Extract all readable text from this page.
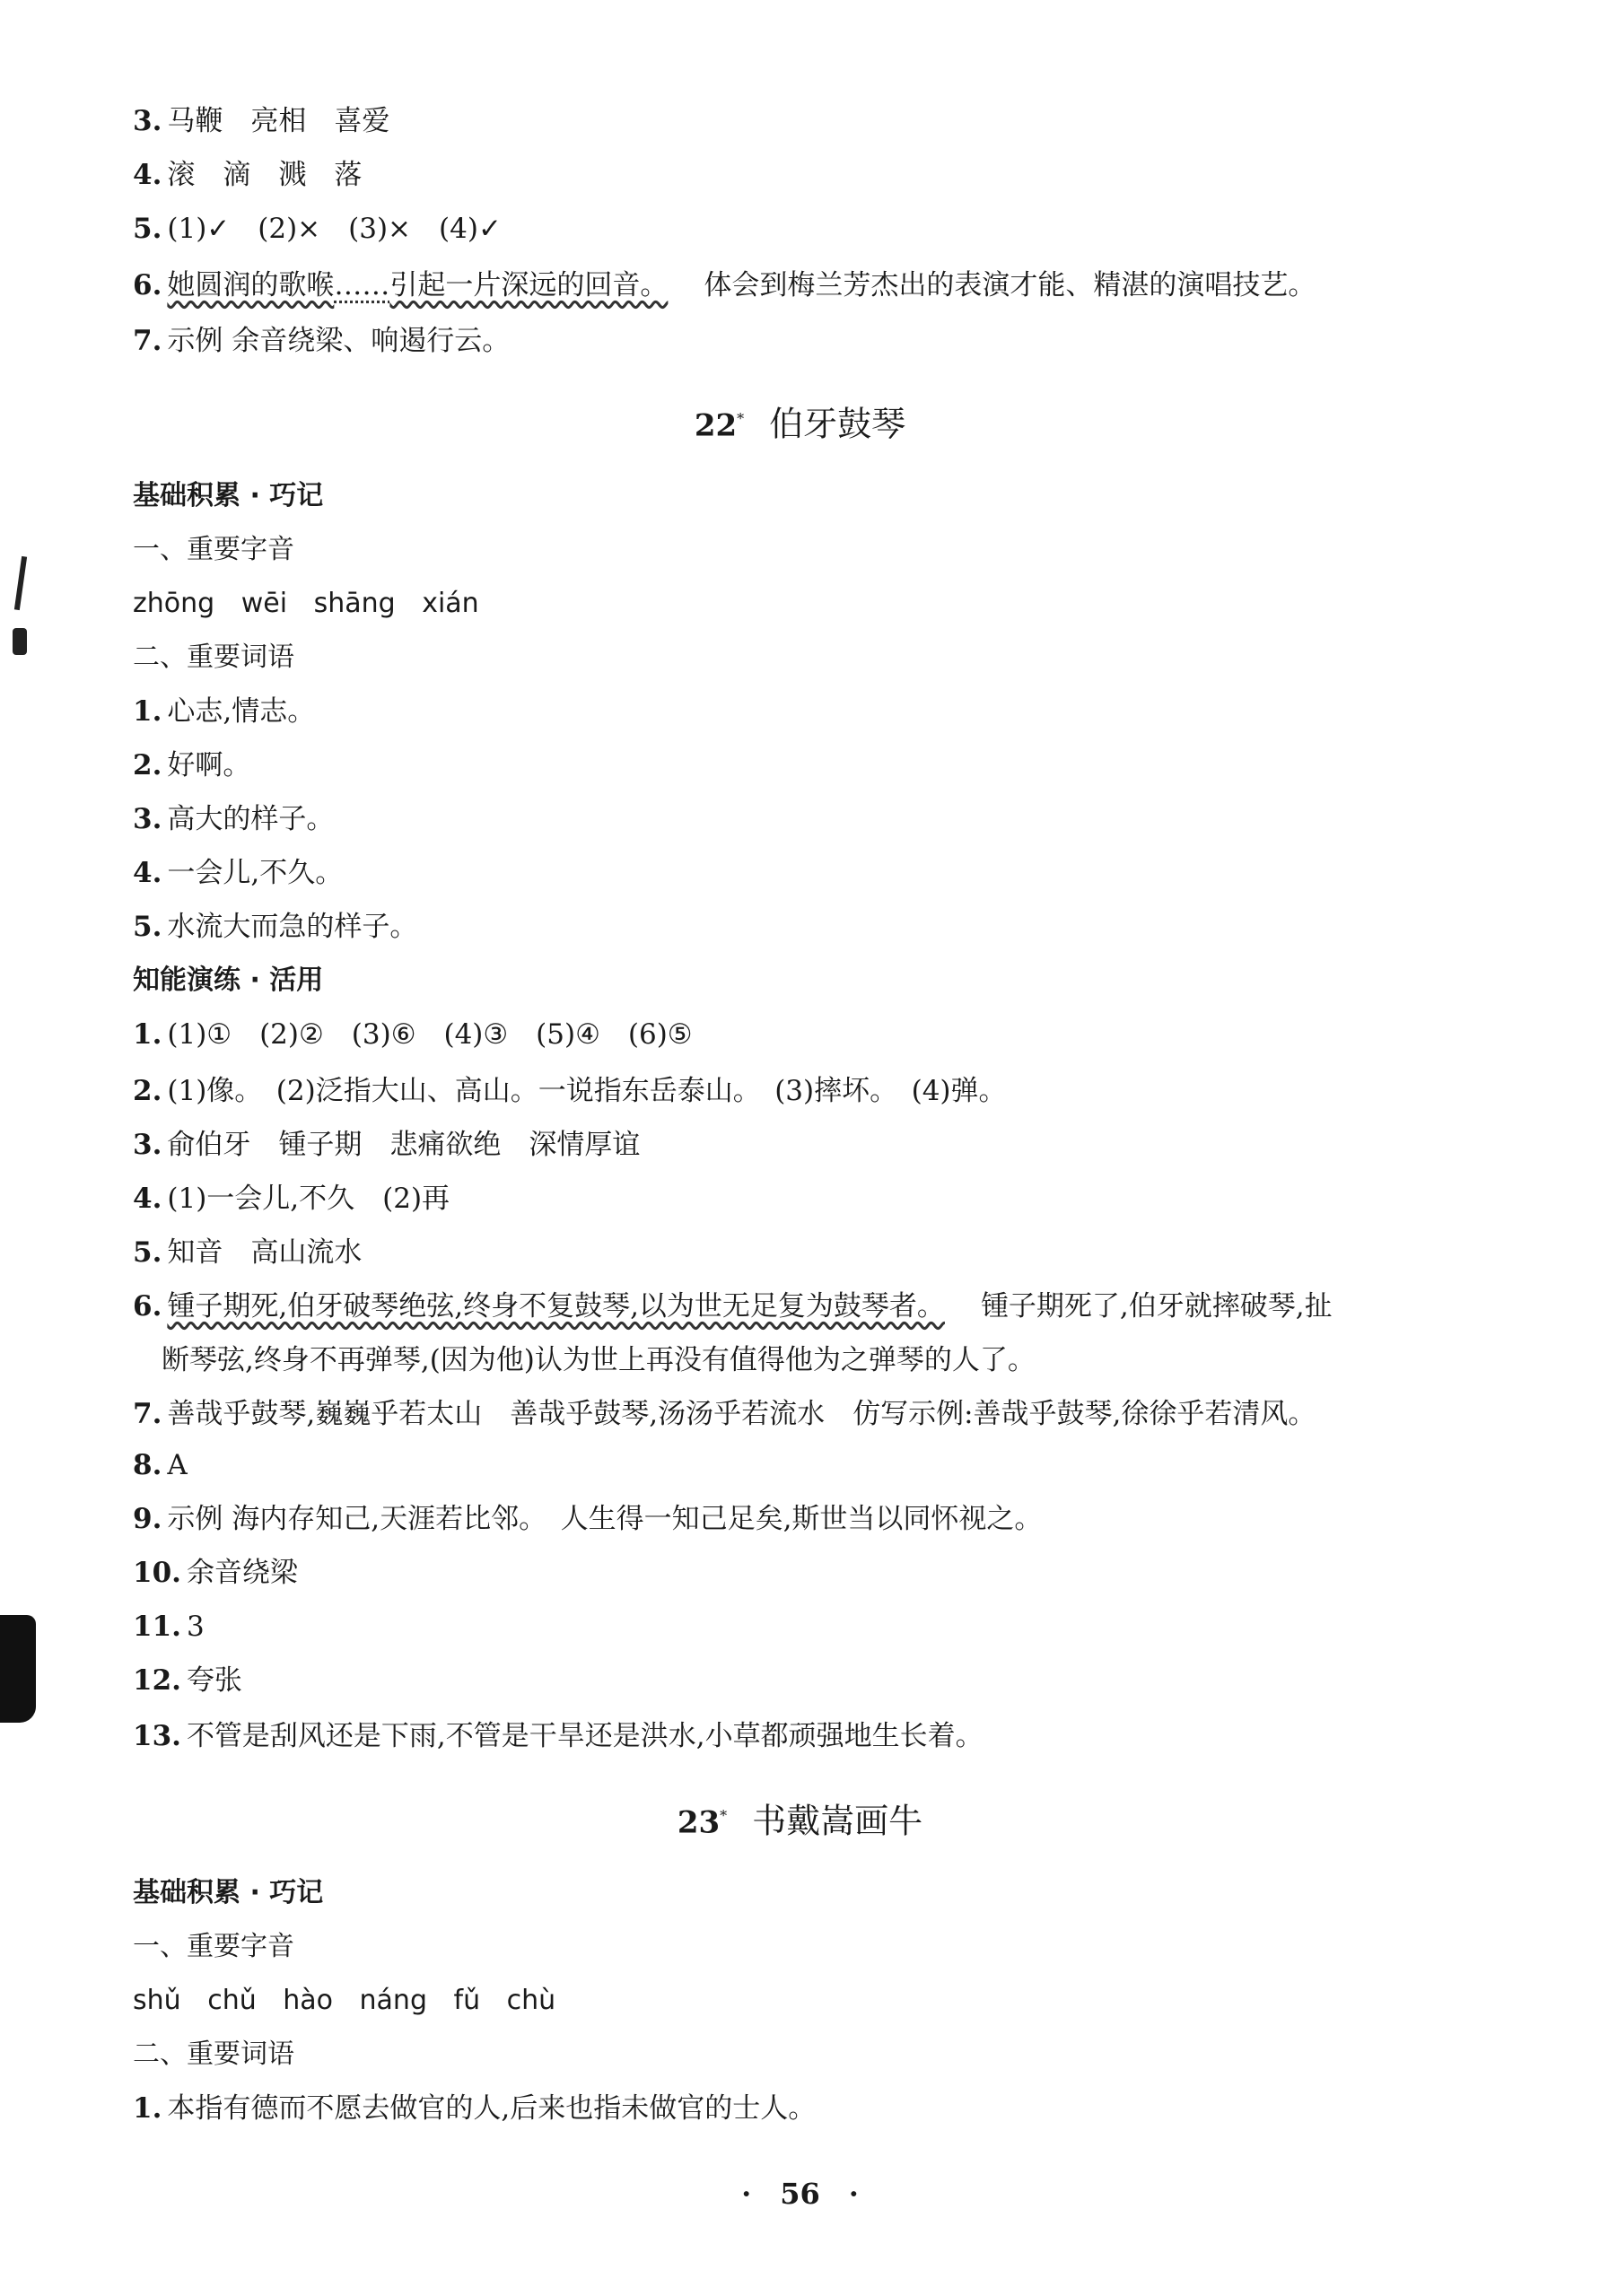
3. 马鞭　亮相　喜爱
4. 滚　滴　溅　落
5. (1)✓　(2)×　(3)×　(4)✓
6. 她圆润的歌喉……引起一片深远的回音。 体会到梅兰芳杰出的表演才能、精湛的演唱技艺。
7. 示例 余音绕梁、响遏行云。
22* 伯牙鼓琴
基础积累 · 巧记
一、重要字音
zhōng wēi shāng xián
二、重要词语
1. 心志,情志。
2. 好啊。
3. 高大的样子。
4. 一会儿,不久。
5. 水流大而急的样子。
知能演练 · 活用
1. (1)①　(2)②　(3)⑥　(4)③　(5)④　(6)⑤
2. (1)像。　(2)泛指大山、高山。一说指东岳泰山。　(3)摔坏。　(4)弹。
3. 俞伯牙　锺子期　悲痛欲绝　深情厚谊
4. (1)一会儿,不久　(2)再
5. 知音　高山流水
6. 锺子期死,伯牙破琴绝弦,终身不复鼓琴,以为世无足复为鼓琴者。 锺子期死了,伯牙就摔破琴,扯
断琴弦,终身不再弹琴,(因为他)认为世上再没有值得他为之弹琴的人了。
7. 善哉乎鼓琴,巍巍乎若太山　善哉乎鼓琴,汤汤乎若流水　仿写示例:善哉乎鼓琴,徐徐乎若清风。
8. A
9. 示例 海内存知己,天涯若比邻。　人生得一知己足矣,斯世当以同怀视之。
10. 余音绕梁
11. 3
12. 夸张
13. 不管是刮风还是下雨,不管是干旱还是洪水,小草都顽强地生长着。
23* 书戴嵩画牛
基础积累 · 巧记
一、重要字音
shǔ chǔ hào náng fǔ chù
二、重要词语
1. 本指有德而不愿去做官的人,后来也指未做官的士人。
·　56　·
